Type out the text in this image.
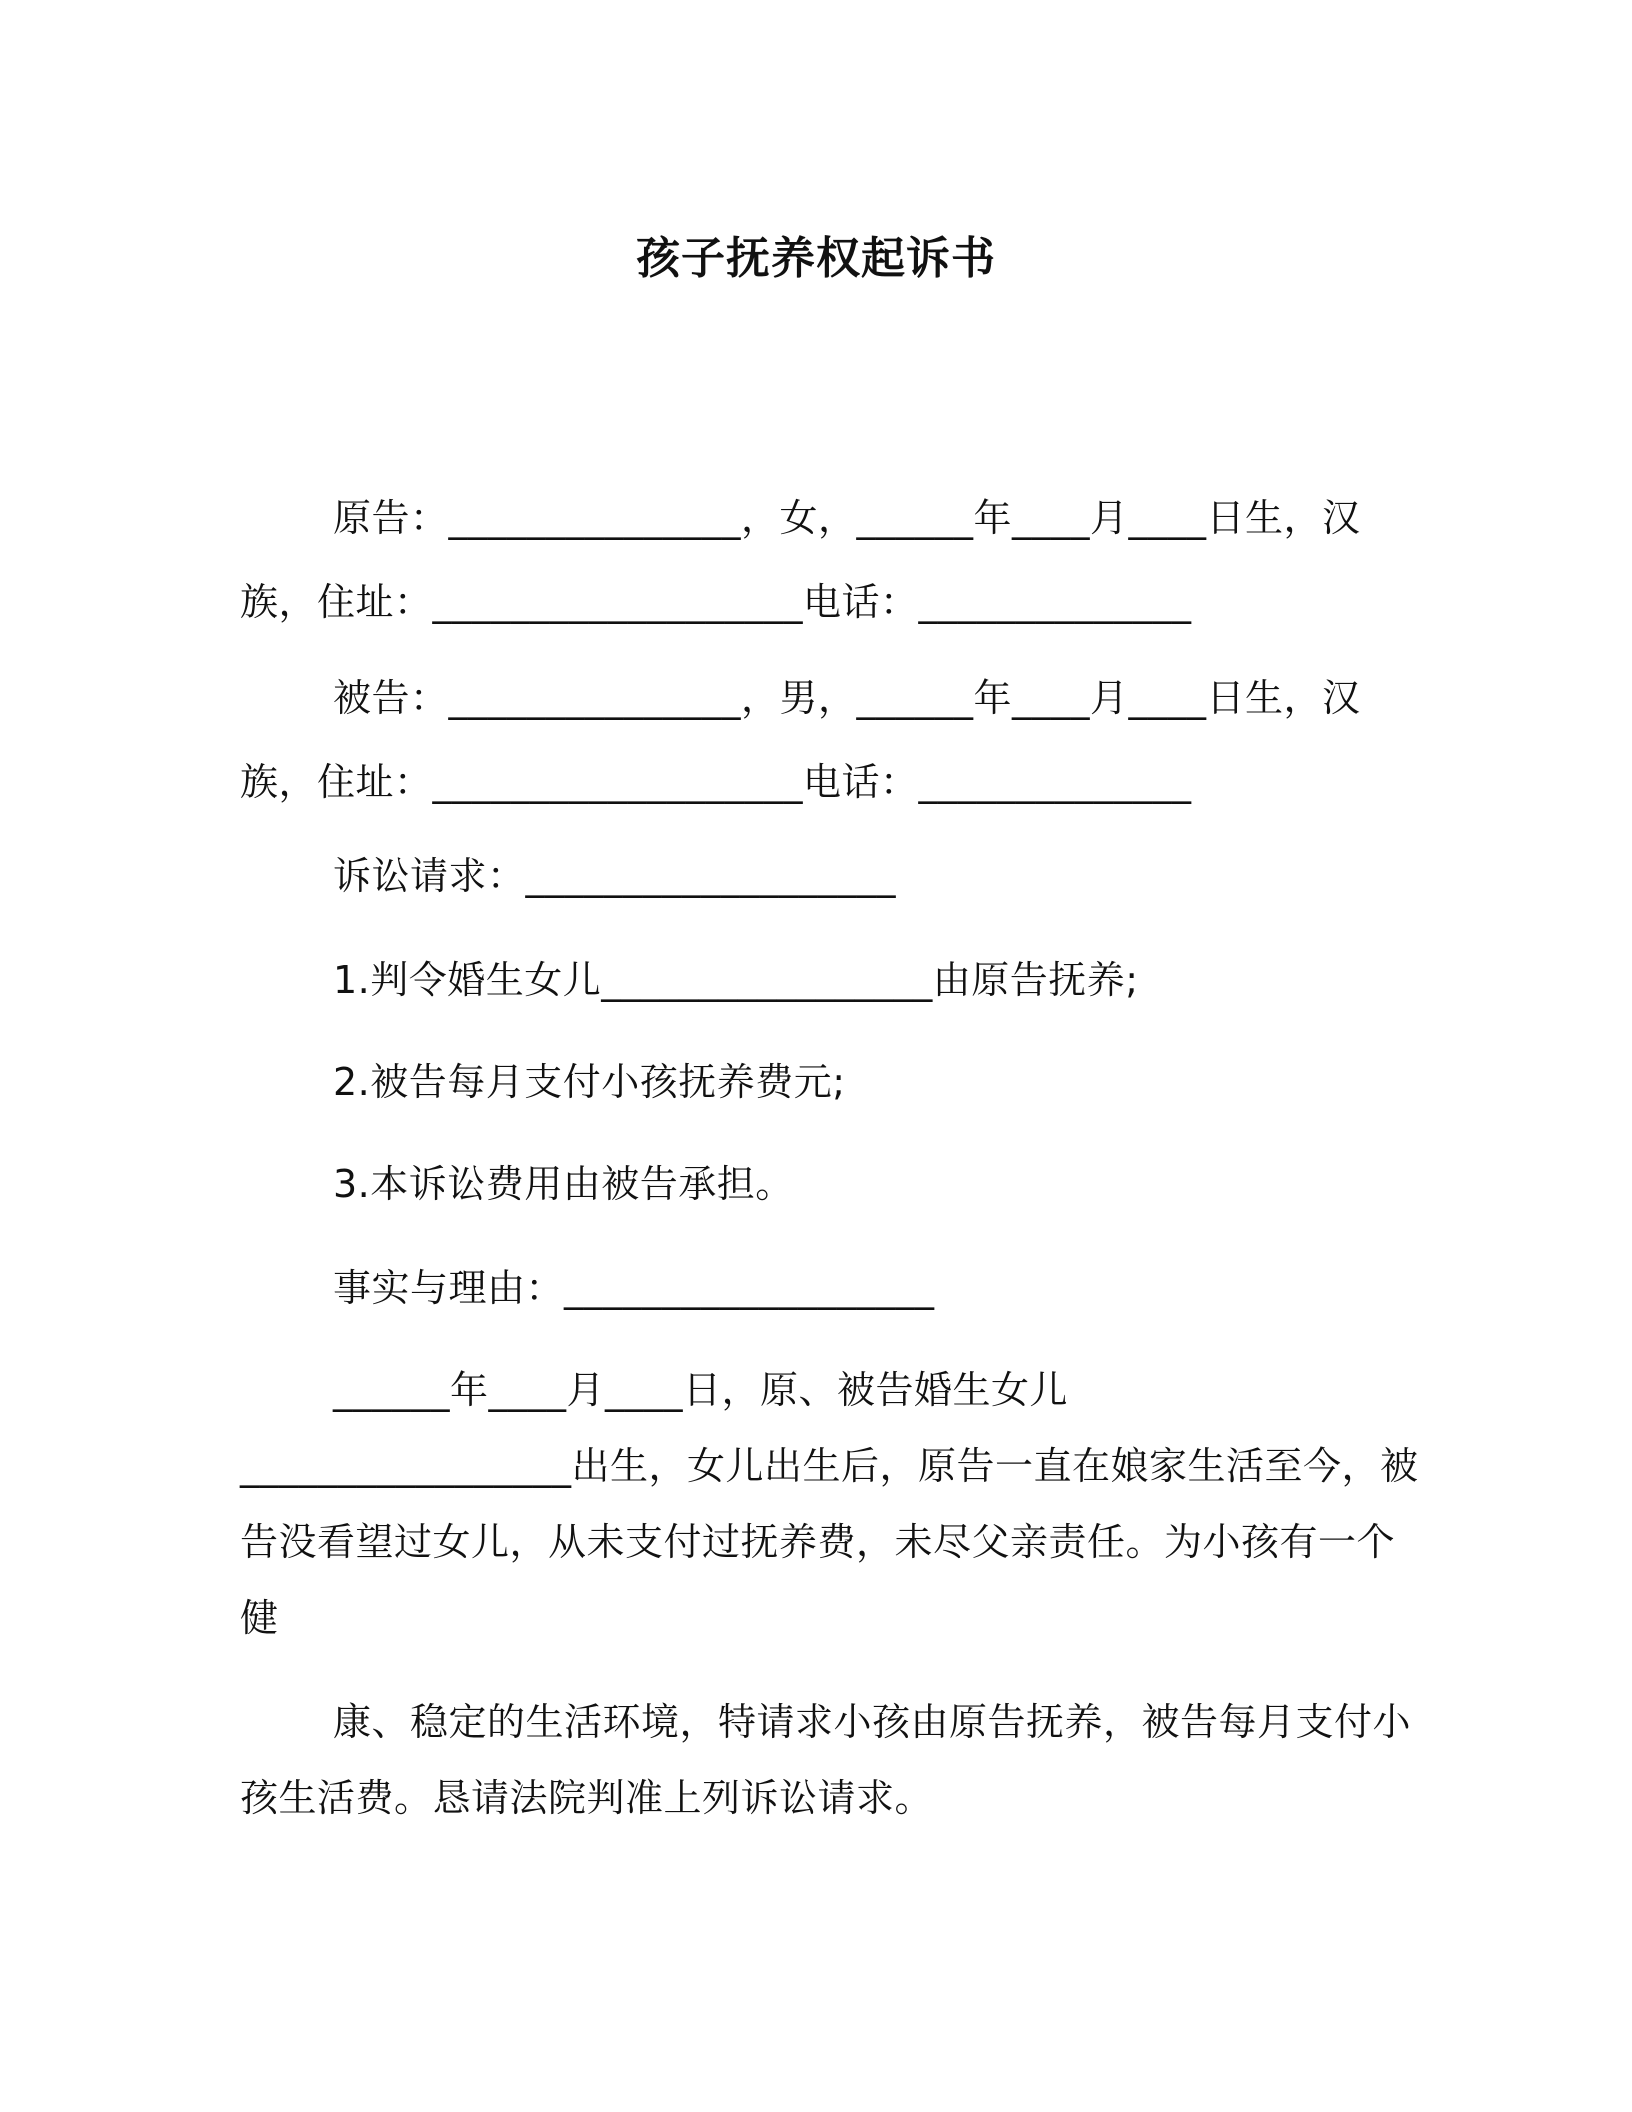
孩子抚养权起诉书
原告：_______________，女，______年____月____日生，汉
族，住址：___________________电话：______________
被告：_______________，男，______年____月____日生，汉
族，住址：___________________电话：______________
诉讼请求：___________________
1.判令婚生女儿_________________由原告抚养;
2.被告每月支付小孩抚养费元;
3.本诉讼费用由被告承担。
事实与理由：___________________
______年____月____日，原、被告婚生女儿
_________________出生，女儿出生后，原告一直在娘家生活至今，被
告没看望过女儿，从未支付过抚养费，未尽父亲责任。为小孩有一个
健
康、稳定的生活环境，特请求小孩由原告抚养，被告每月支付小
孩生活费。恳请法院判准上列诉讼请求。
